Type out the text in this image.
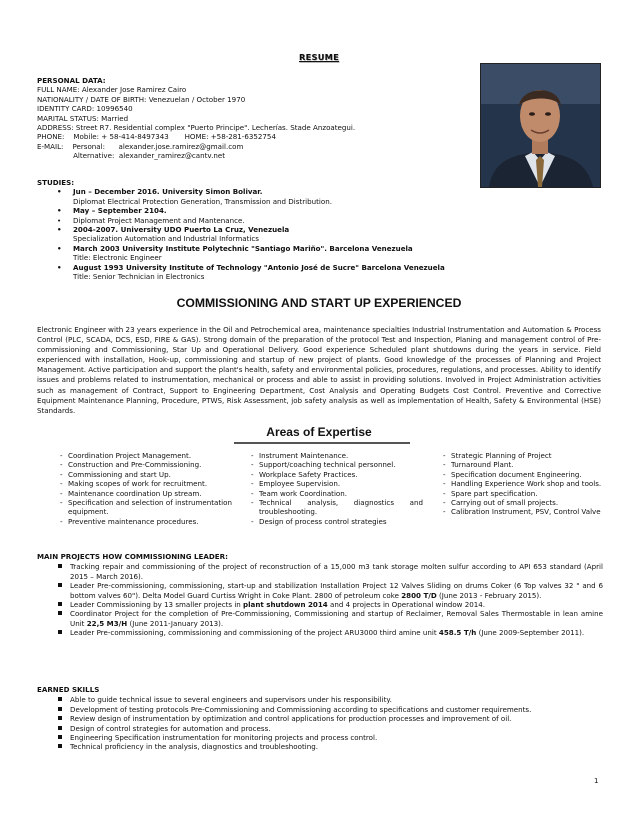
RESUME
PERSONAL DATA:
FULL NAME: Alexander Jose Ramirez Cairo
NATIONALITY / DATE OF BIRTH: Venezuelan / October 1970
IDENTITY CARD: 10996540
MARITAL STATUS: Married
ADDRESS: Street R7. Residential complex "Puerto Principe". Lecherías. Stade Anzoategui.
PHONE:    Mobile: + 58-414-8497343       HOME: +58-281-6352754
E-MAIL:    Personal:      alexander.jose.ramirez@gmail.com
Alternative:  alexander_ramirez@cantv.net
STUDIES:
• Jun – December 2016. University Simon Bolivar.
Diplomat Electrical Protection Generation, Transmission and Distribution.
• May – September 2104.
• Diplomat Project Management and Mantenance.
• 2004-2007. University UDO Puerto La Cruz, Venezuela
Specialization Automation and Industrial Informatics
• March 2003 University Institute Polytechnic "Santiago Mariño". Barcelona Venezuela
Title: Electronic Engineer
• August 1993 University Institute of Technology "Antonio José de Sucre" Barcelona Venezuela
Title: Senior Technician in Electronics
COMMISSIONING AND START UP EXPERIENCED
Electronic Engineer with 23 years experience in the Oil and Petrochemical area, maintenance specialties Industrial Instrumentation and Automation & Process Control (PLC, SCADA, DCS, ESD, FIRE & GAS). Strong domain of the preparation of the protocol Test and Inspection, Planing and management control of Pre-commissioning and Commissioning, Star Up and Operational Delivery. Good experience Scheduled plant shutdowns during the years in service. Field experienced with installation, Hook-up, commissioning and startup of new project of plants. Good knowledge of the processes of Planning and Project Management. Active participation and support the plant's health, safety and environmental policies, procedures, regulations, and processes. Ability to identify issues and problems related to instrumentation, mechanical or process and able to assist in providing solutions. Involved in Project Administration activities such as management of Contract, Support to Engineering Department, Cost Analysis and Operating Budgets Cost Control. Preventive and Corrective Equipment Maintenance Planning, Procedure, PTWS, Risk Assessment, job safety analysis as well as implementation of Health, Safety & Environmental (HSE) Standards.
Areas of Expertise
- Coordination Project Management.
- Construction and Pre-Commissioning.
- Commissioning and start Up.
- Making scopes of work for recruitment.
- Maintenance coordination Up stream.
- Specification and selection of instrumentation equipment.
- Preventive maintenance procedures.
- Instrument Maintenance.
- Support/coaching technical personnel.
- Workplace Safety Practices.
- Employee Supervision.
- Team work Coordination.
- Technical analysis, diagnostics and troubleshooting.
- Design of process control strategies
- Strategic Planning of Project
- Turnaround Plant.
- Specification document Engineering.
- Handling Experience Work shop and tools.
- Spare part specification.
- Carrying out of small projects.
- Calibration Instrument, PSV, Control Valve
MAIN PROJECTS HOW COMMISSIONING LEADER:
Tracking repair and commissioning of the project of reconstruction of a 15,000 m3 tank storage molten sulfur according to API 653 standard (April 2015 – March 2016).
Leader Pre-commissioning, commissioning, start-up and stabilization Installation Project 12 Valves Sliding on drums Coker (6 Top valves 32 " and 6 bottom valves 60"). Delta Model Guard Curtiss Wright in Coke Plant. 2800 of petroleum coke 2800 T/D (June 2013 - February 2015).
Leader Commissioning by 13 smaller projects in plant shutdown 2014 and 4 projects in Operational window 2014.
Coordinator Project for the completion of Pre-Commissioning, Commissioning and startup of Reclaimer, Removal Sales Thermostable in lean amine Unit 22,5 M3/H (June 2011-January 2013).
Leader Pre-commissioning, commissioning and commissioning of the project ARU3000 third amine unit 458.5 T/h (June 2009-September 2011).
EARNED SKILLS
Able to guide technical issue to several engineers and supervisors under his responsibility.
Development of testing protocols Pre-Commissioning and Commissioning according to specifications and customer requirements.
Review design of instrumentation by optimization and control applications for production processes and improvement of oil.
Design of control strategies for automation and process.
Engineering Specification instrumentation for monitoring projects and process control.
Technical proficiency in the analysis, diagnostics and troubleshooting.
1
